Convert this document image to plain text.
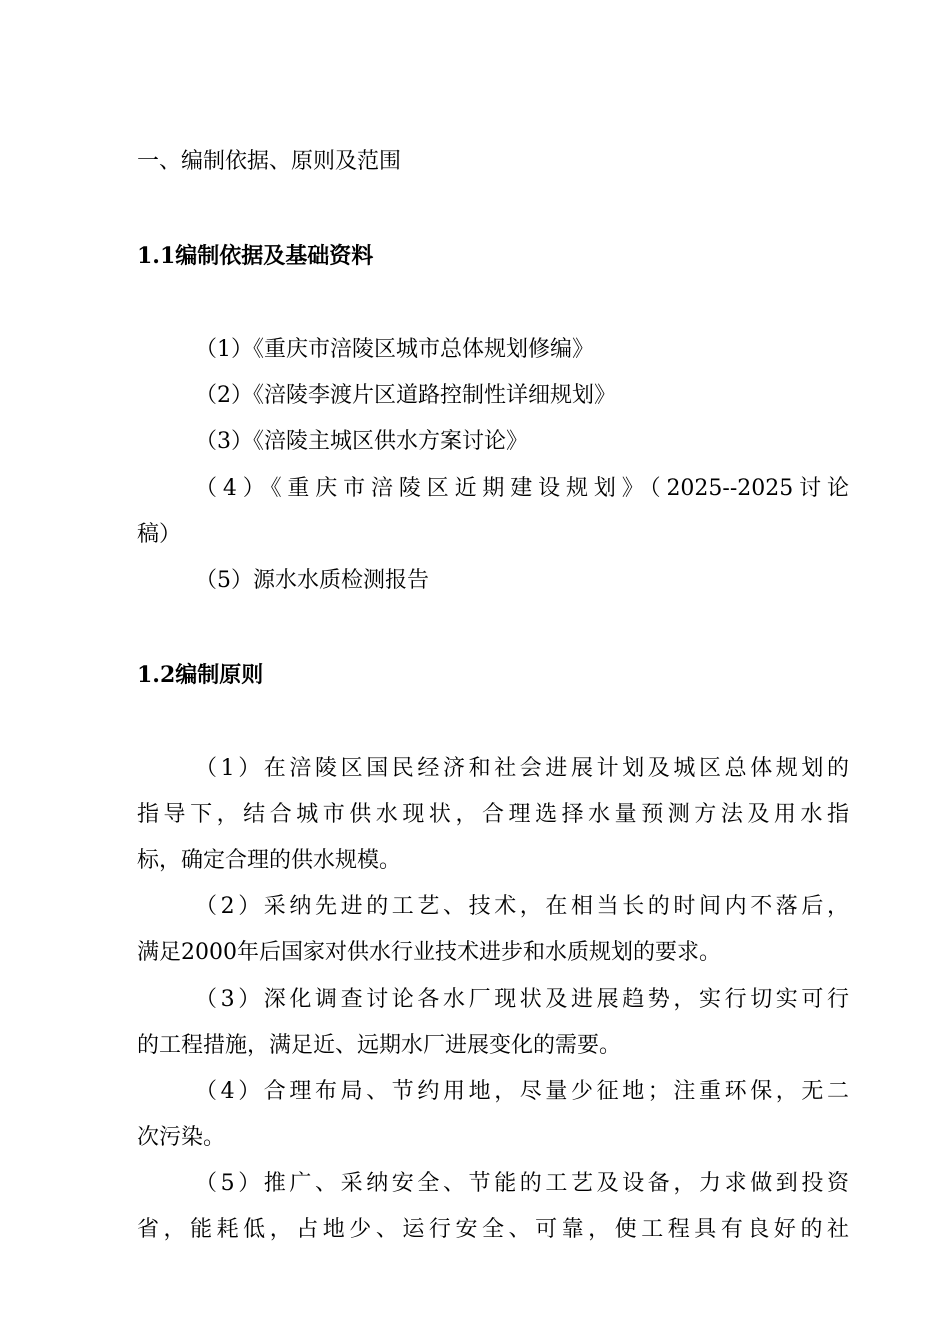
一、编制依据、原则及范围
1.1编制依据及基础资料
（1）《重庆市涪陵区城市总体规划修编》
（2）《涪陵李渡片区道路控制性详细规划》
（3）《涪陵主城区供水方案讨论》
（4）《重庆市涪陵区近期建设规划》（2025--2025讨论
稿）
（5）源水水质检测报告
1.2编制原则
（1）在涪陵区国民经济和社会进展计划及城区总体规划的
指导下，结合城市供水现状，合理选择水量预测方法及用水指
标，确定合理的供水规模。
（2）采纳先进的工艺、技术，在相当长的时间内不落后，
满足2000年后国家对供水行业技术进步和水质规划的要求。
（3）深化调查讨论各水厂现状及进展趋势，实行切实可行
的工程措施，满足近、远期水厂进展变化的需要。
（4）合理布局、节约用地，尽量少征地；注重环保，无二
次污染。
（5）推广、采纳安全、节能的工艺及设备，力求做到投资
省，能耗低，占地少、运行安全、可靠，使工程具有良好的社
